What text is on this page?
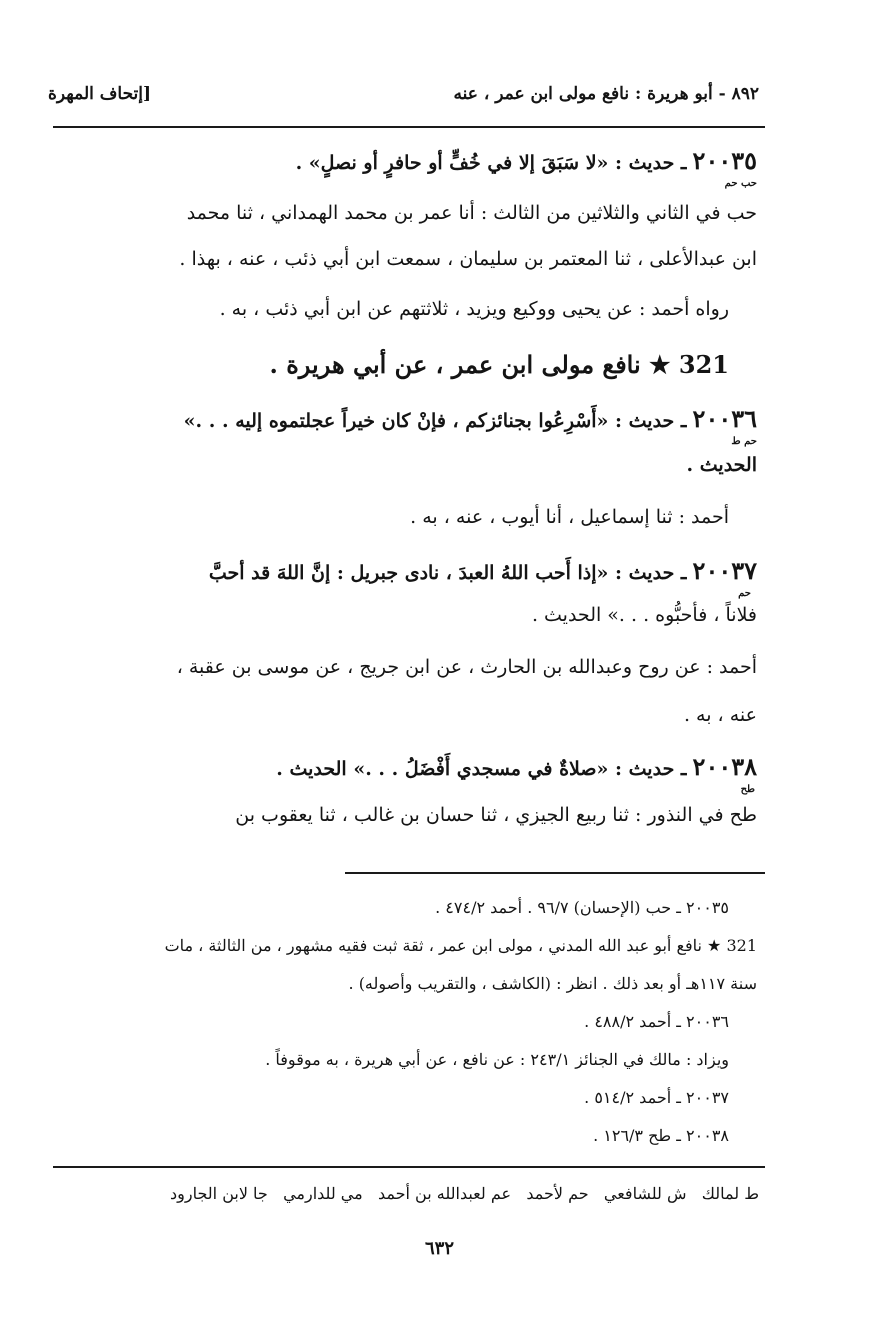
٨٩٢ - أبو هريرة : نافع مولى ابن عمر ، عنه
[إتحاف المهرة
٢٠٠٣٥ ـ حديث : «لا سَبَقَ إلا في خُفٍّ أو حافرٍ أو نصلٍ» .
حب حم
حب في الثاني والثلاثين من الثالث : أنا عمر بن محمد الهمداني ، ثنا محمد
ابن عبدالأعلى ، ثنا المعتمر بن سليمان ، سمعت ابن أبي ذئب ، عنه ، بهذا .
رواه أحمد : عن يحيى ووكيع ويزيد ، ثلاثتهم عن ابن أبي ذئب ، به .
321 ★ نافع مولى ابن عمر ، عن أبي هريرة .
٢٠٠٣٦ ـ حديث : «أَسْرِعُوا بجنائزكم ، فإنْ كان خيراً عجلتموه إليه . . .»
حم ط
الحديث .
أحمد : ثنا إسماعيل ، أنا أيوب ، عنه ، به .
٢٠٠٣٧ ـ حديث : «إذا أَحب اللهُ العبدَ ، نادى جبريل : إنَّ اللهَ قد أحبَّ
حم
فلاناً ، فأحبُّوه . . .» الحديث .
أحمد : عن روح وعبدالله بن الحارث ، عن ابن جريج ، عن موسى بن عقبة ،
عنه ، به .
٢٠٠٣٨ ـ حديث : «صلاةٌ في مسجدي أَفْضَلُ . . .» الحديث .
طح
طح في النذور : ثنا ربيع الجيزي ، ثنا حسان بن غالب ، ثنا يعقوب بن
٢٠٠٣٥ ـ حب (الإحسان) ٩٦/٧ . أحمد ٤٧٤/٢ .
321 ★ نافع أبو عبد الله المدني ، مولى ابن عمر ، ثقة ثبت فقيه مشهور ، من الثالثة ، مات
سنة ١١٧هـ أو بعد ذلك . انظر : (الكاشف ، والتقريب وأصوله) .
٢٠٠٣٦ ـ أحمد ٤٨٨/٢ .
ويزاد : مالك في الجنائز ٢٤٣/١ : عن نافع ، عن أبي هريرة ، به موقوفاً .
٢٠٠٣٧ ـ أحمد ٥١٤/٢ .
٢٠٠٣٨ ـ طح ١٢٦/٣ .
ط لمالك   ش للشافعي   حم لأحمد   عم لعبدالله بن أحمد   مي للدارمي   جا لابن الجارود
٦٣٢
